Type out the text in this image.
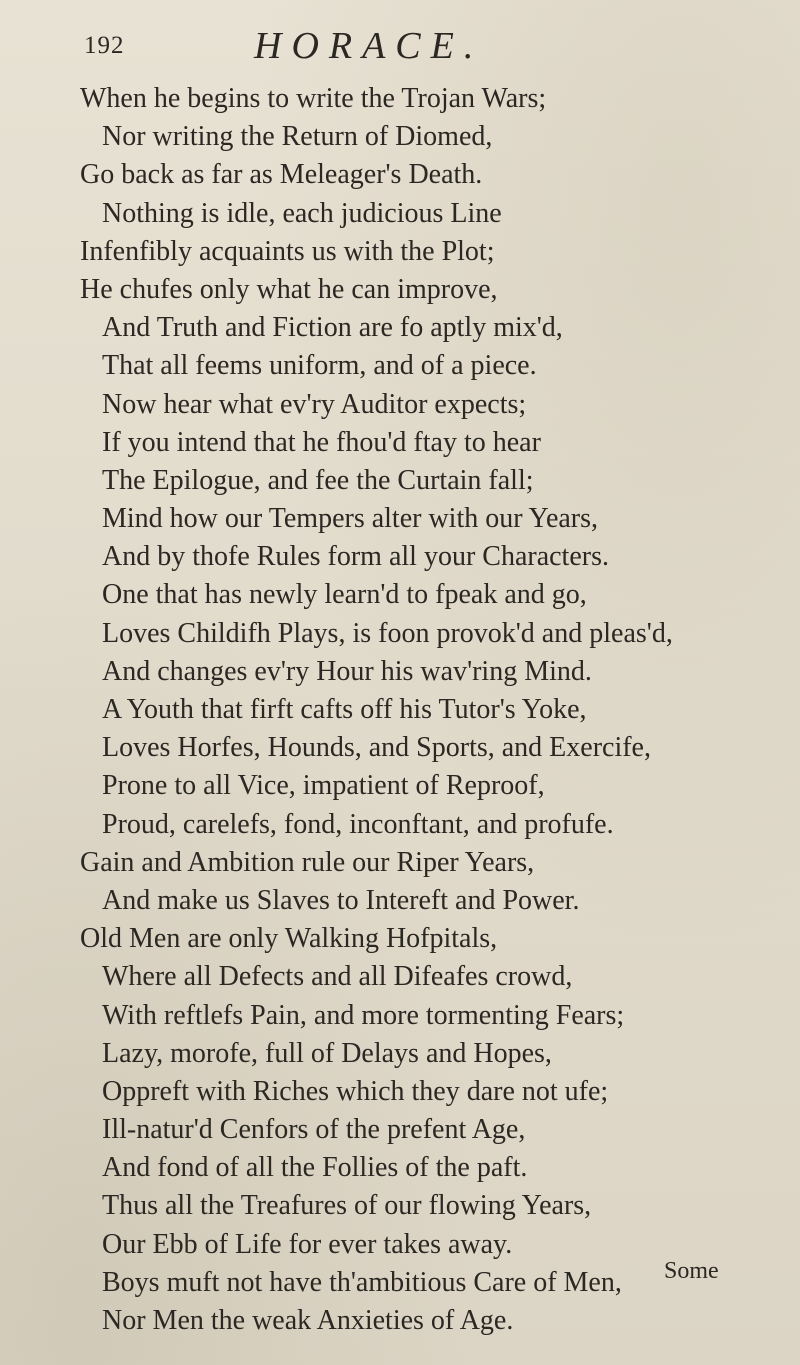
192	HORACE.
When he begins to write the Trojan Wars;
Nor writing the Return of Diomed,
Go back as far as Meleager's Death.
Nothing is idle, each judicious Line
Infenfibly acquaints us with the Plot;
He chufes only what he can improve,
And Truth and Fiction are fo aptly mix'd,
That all feems uniform, and of a piece.
Now hear what ev'ry Auditor expects;
If you intend that he fhou'd ftay to hear
The Epilogue, and fee the Curtain fall;
Mind how our Tempers alter with our Years,
And by thofe Rules form all your Characters.
One that has newly learn'd to fpeak and go,
Loves Childifh Plays, is foon provok'd and pleas'd,
And changes ev'ry Hour his wav'ring Mind.
A Youth that firft cafts off his Tutor's Yoke,
Loves Horfes, Hounds, and Sports, and Exercife,
Prone to all Vice, impatient of Reproof,
Proud, carelefs, fond, inconftant, and profufe.
Gain and Ambition rule our Riper Years,
And make us Slaves to Intereft and Power.
Old Men are only Walking Hofpitals,
Where all Defects and all Difeafes crowd,
With reftlefs Pain, and more tormenting Fears;
Lazy, morofe, full of Delays and Hopes,
Oppreft with Riches which they dare not ufe;
Ill-natur'd Cenfors of the prefent Age,
And fond of all the Follies of the paft.
Thus all the Treafures of our flowing Years,
Our Ebb of Life for ever takes away.
Boys muft not have th'ambitious Care of Men,
Nor Men the weak Anxieties of Age.
Some
